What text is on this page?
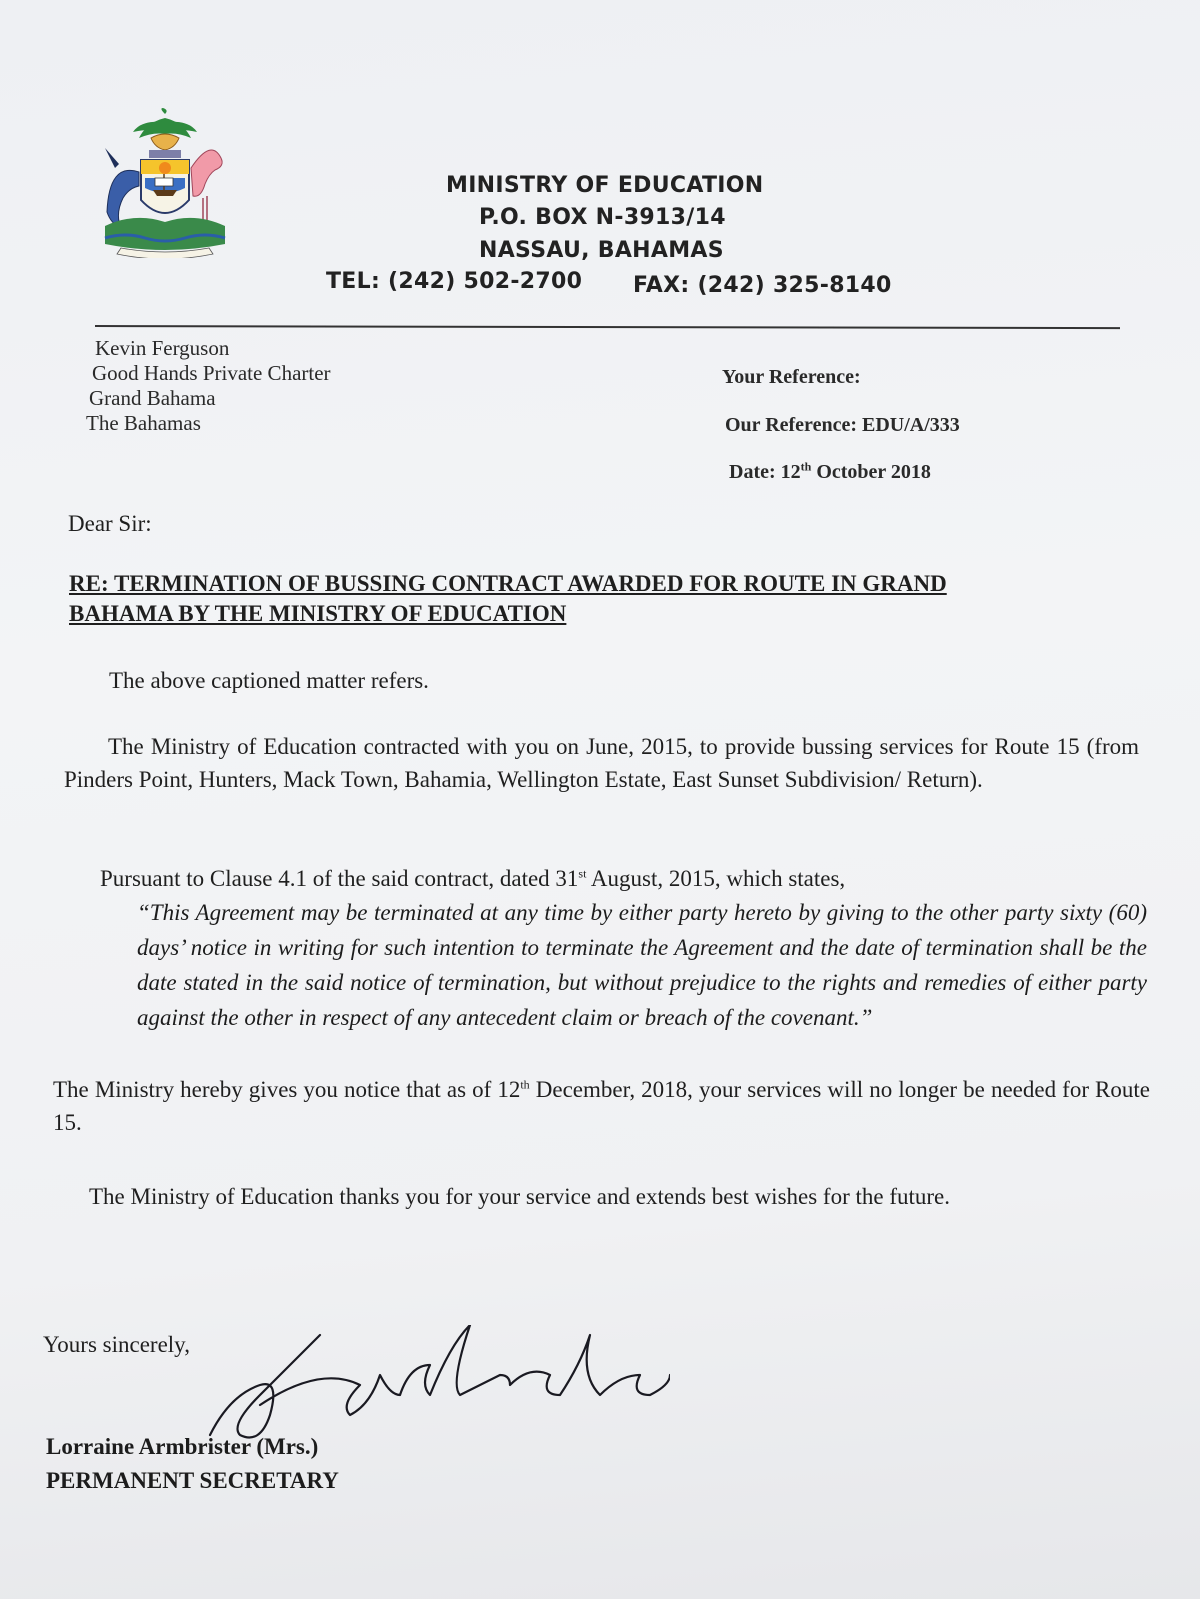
MINISTRY OF EDUCATION
P.O. BOX N-3913/14
NASSAU, BAHAMAS
TEL: (242) 502-2700 FAX: (242) 325-8140
Kevin Ferguson
Good Hands Private Charter
Grand Bahama
The Bahamas
Your Reference:
Our Reference: EDU/A/333
Date: 12th October 2018
Dear Sir:
RE: TERMINATION OF BUSSING CONTRACT AWARDED FOR ROUTE IN GRAND
BAHAMA BY THE MINISTRY OF EDUCATION
The above captioned matter refers.
The Ministry of Education contracted with you on June, 2015, to provide bussing services for Route 15 (from Pinders Point, Hunters, Mack Town, Bahamia, Wellington Estate, East Sunset Subdivision/ Return).
Pursuant to Clause 4.1 of the said contract, dated 31st August, 2015, which states,
“This Agreement may be terminated at any time by either party hereto by giving to the other party sixty (60) days’ notice in writing for such intention to terminate the Agreement and the date of termination shall be the date stated in the said notice of termination, but without prejudice to the rights and remedies of either party against the other in respect of any antecedent claim or breach of the covenant.”
The Ministry hereby gives you notice that as of 12th December, 2018, your services will no longer be needed for Route 15.
The Ministry of Education thanks you for your service and extends best wishes for the future.
Yours sincerely,
Lorraine Armbrister (Mrs.)
PERMANENT SECRETARY
